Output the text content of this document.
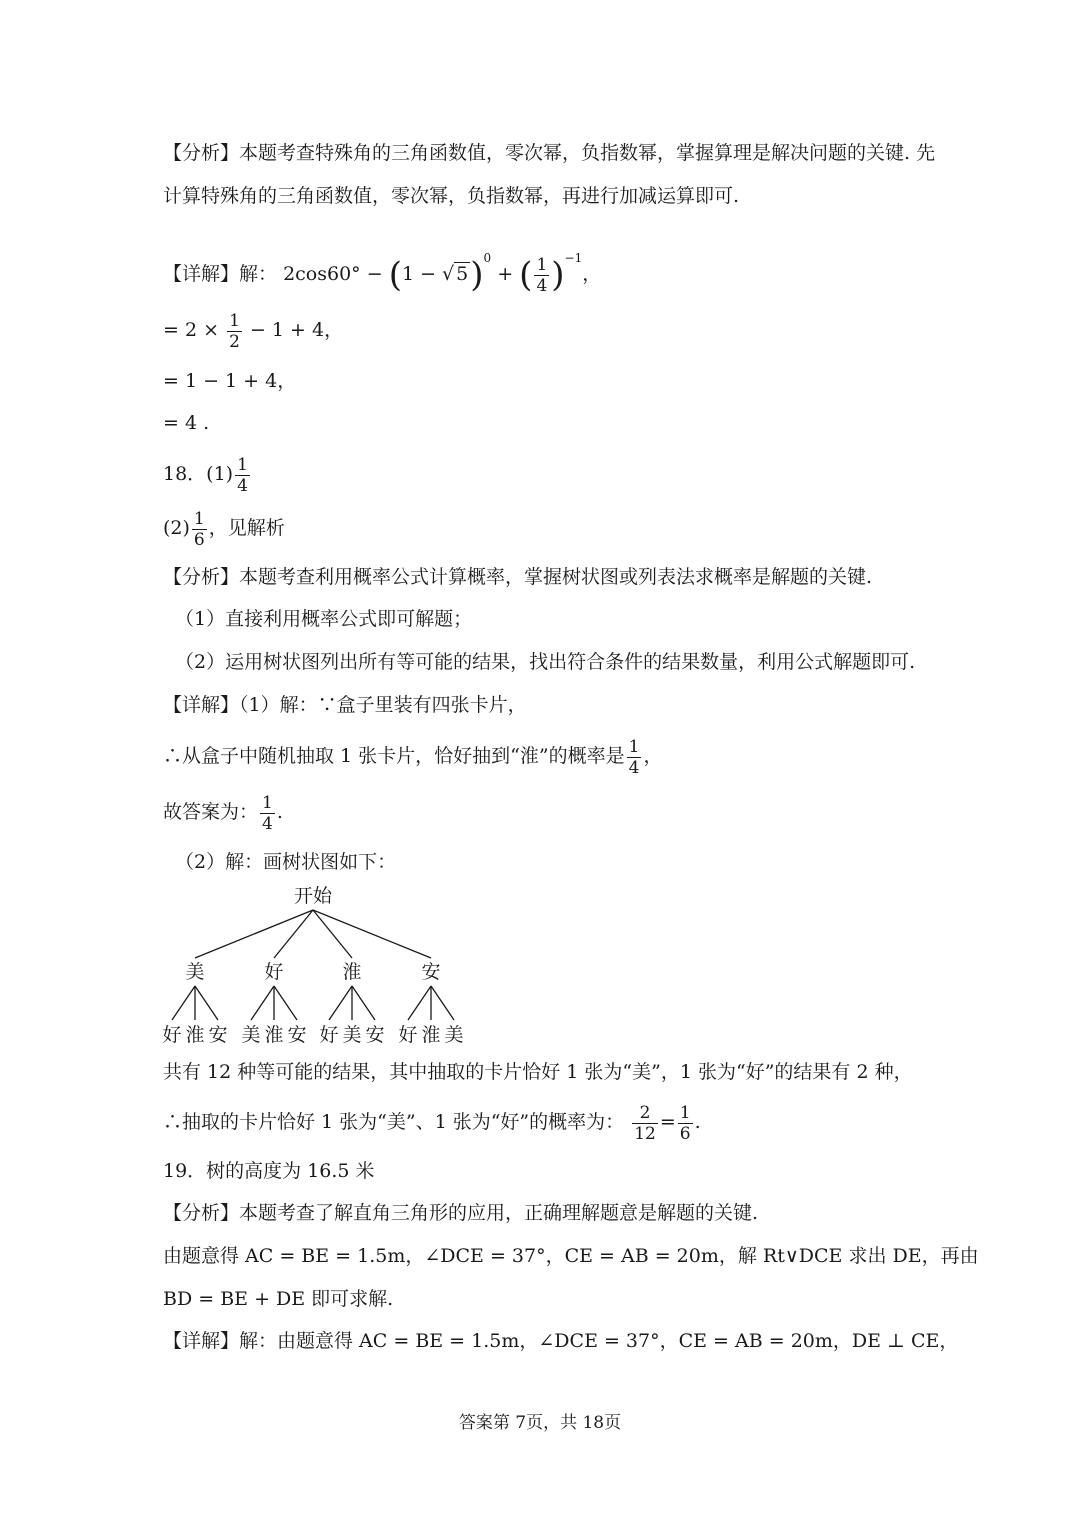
【分析】本题考查特殊角的三角函数值，零次幂，负指数幂，掌握算理是解决问题的关键. 先
计算特殊角的三角函数值，零次幂，负指数幂，再进行加减运算即可.
【详解】解： 2cos60° − (1 − √ 5)$^0$ + ( $\frac{1}{4} )^{-1}$，
= $2 \times \frac{1}{2} - 1 + 4$，
= 1 − 1 + 4，
= 4 .
18．$(1) \frac{1}{4}$
$(2) \frac{1}{6}$ ，见解析
【分析】本题考查利用概率公式计算概率，掌握树状图或列表法求概率是解题的关键.
（1）直接利用概率公式即可解题；
（2）运用树状图列出所有等可能的结果，找出符合条件的结果数量，利用公式解题即可.
【详解】（1）解：∵盒子里装有四张卡片，
∴从盒子中随机抽取 1 张卡片，恰好抽到“淮”的概率是 $\frac{1}{4}$ ，
故答案为： $\frac{1}{4}$ .
（2）解：画树状图如下：
开始
美	好	淮	安
好 淮 安 美 淮 安 好 美 安 好 淮 美
共有 12 种等可能的结果，其中抽取的卡片恰好 1 张为“美”，1 张为“好”的结果有 2 种，
∴抽取的卡片恰好 1 张为“美”、1 张为“好”的概率为： $\frac{2}{12} = \frac{1}{6}$ .
19．树的高度为 16.5 米
【分析】本题考查了解直角三角形的应用，正确理解题意是解题的关键.
由题意得 AC = BE = 1.5m，∠DCE = 37°，CE = AB = 20m，解 Rt∨DCE 求出 DE，再由
BD = BE + DE 即可求解.
【详解】解：由题意得 AC = BE = 1.5m，∠DCE = 37°，CE = AB = 20m，DE ⊥ CE，
答案第 7页，共 18页
